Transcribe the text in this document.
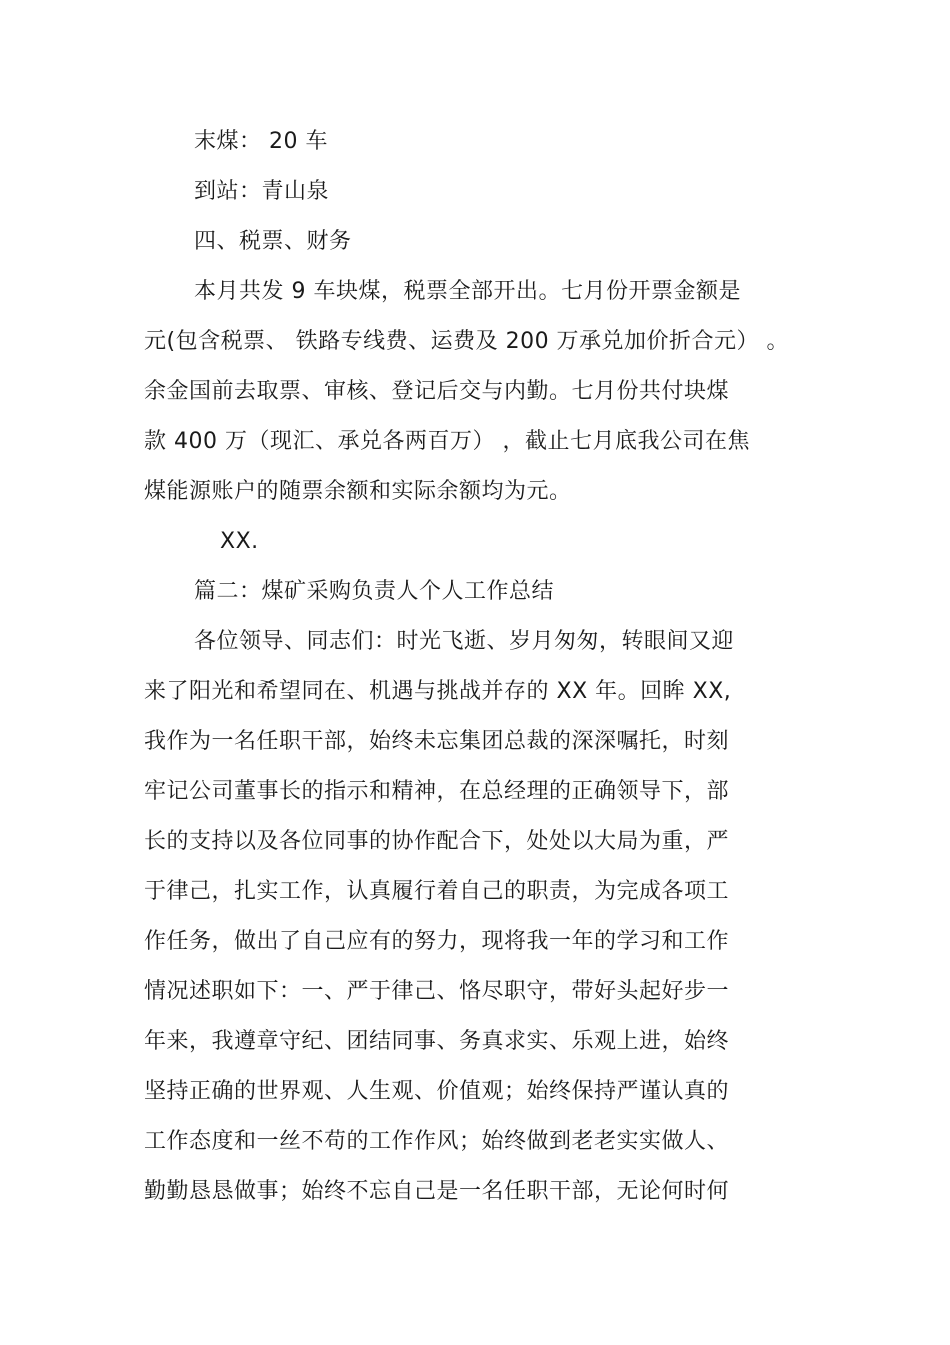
末煤： 20 车
到站：青山泉
四、税票、财务
本月共发 9 车块煤，税票全部开出。七月份开票金额是
元(包含税票、 铁路专线费、运费及 200 万承兑加价折合元） 。
余金国前去取票、审核、登记后交与内勤。七月份共付块煤
款 400 万（现汇、承兑各两百万） ，截止七月底我公司在焦
煤能源账户的随票余额和实际余额均为元。
XX.
篇二：煤矿采购负责人个人工作总结
各位领导、同志们：时光飞逝、岁月匆匆，转眼间又迎
来了阳光和希望同在、机遇与挑战并存的 XX 年。回眸 XX,
我作为一名任职干部，始终未忘集团总裁的深深嘱托，时刻
牢记公司董事长的指示和精神，在总经理的正确领导下，部
长的支持以及各位同事的协作配合下，处处以大局为重，严
于律己，扎实工作，认真履行着自己的职责，为完成各项工
作任务，做出了自己应有的努力，现将我一年的学习和工作
情况述职如下：一、严于律己、恪尽职守，带好头起好步一
年来，我遵章守纪、团结同事、务真求实、乐观上进，始终
坚持正确的世界观、人生观、价值观；始终保持严谨认真的
工作态度和一丝不苟的工作作风；始终做到老老实实做人、
勤勤恳恳做事；始终不忘自己是一名任职干部，无论何时何
